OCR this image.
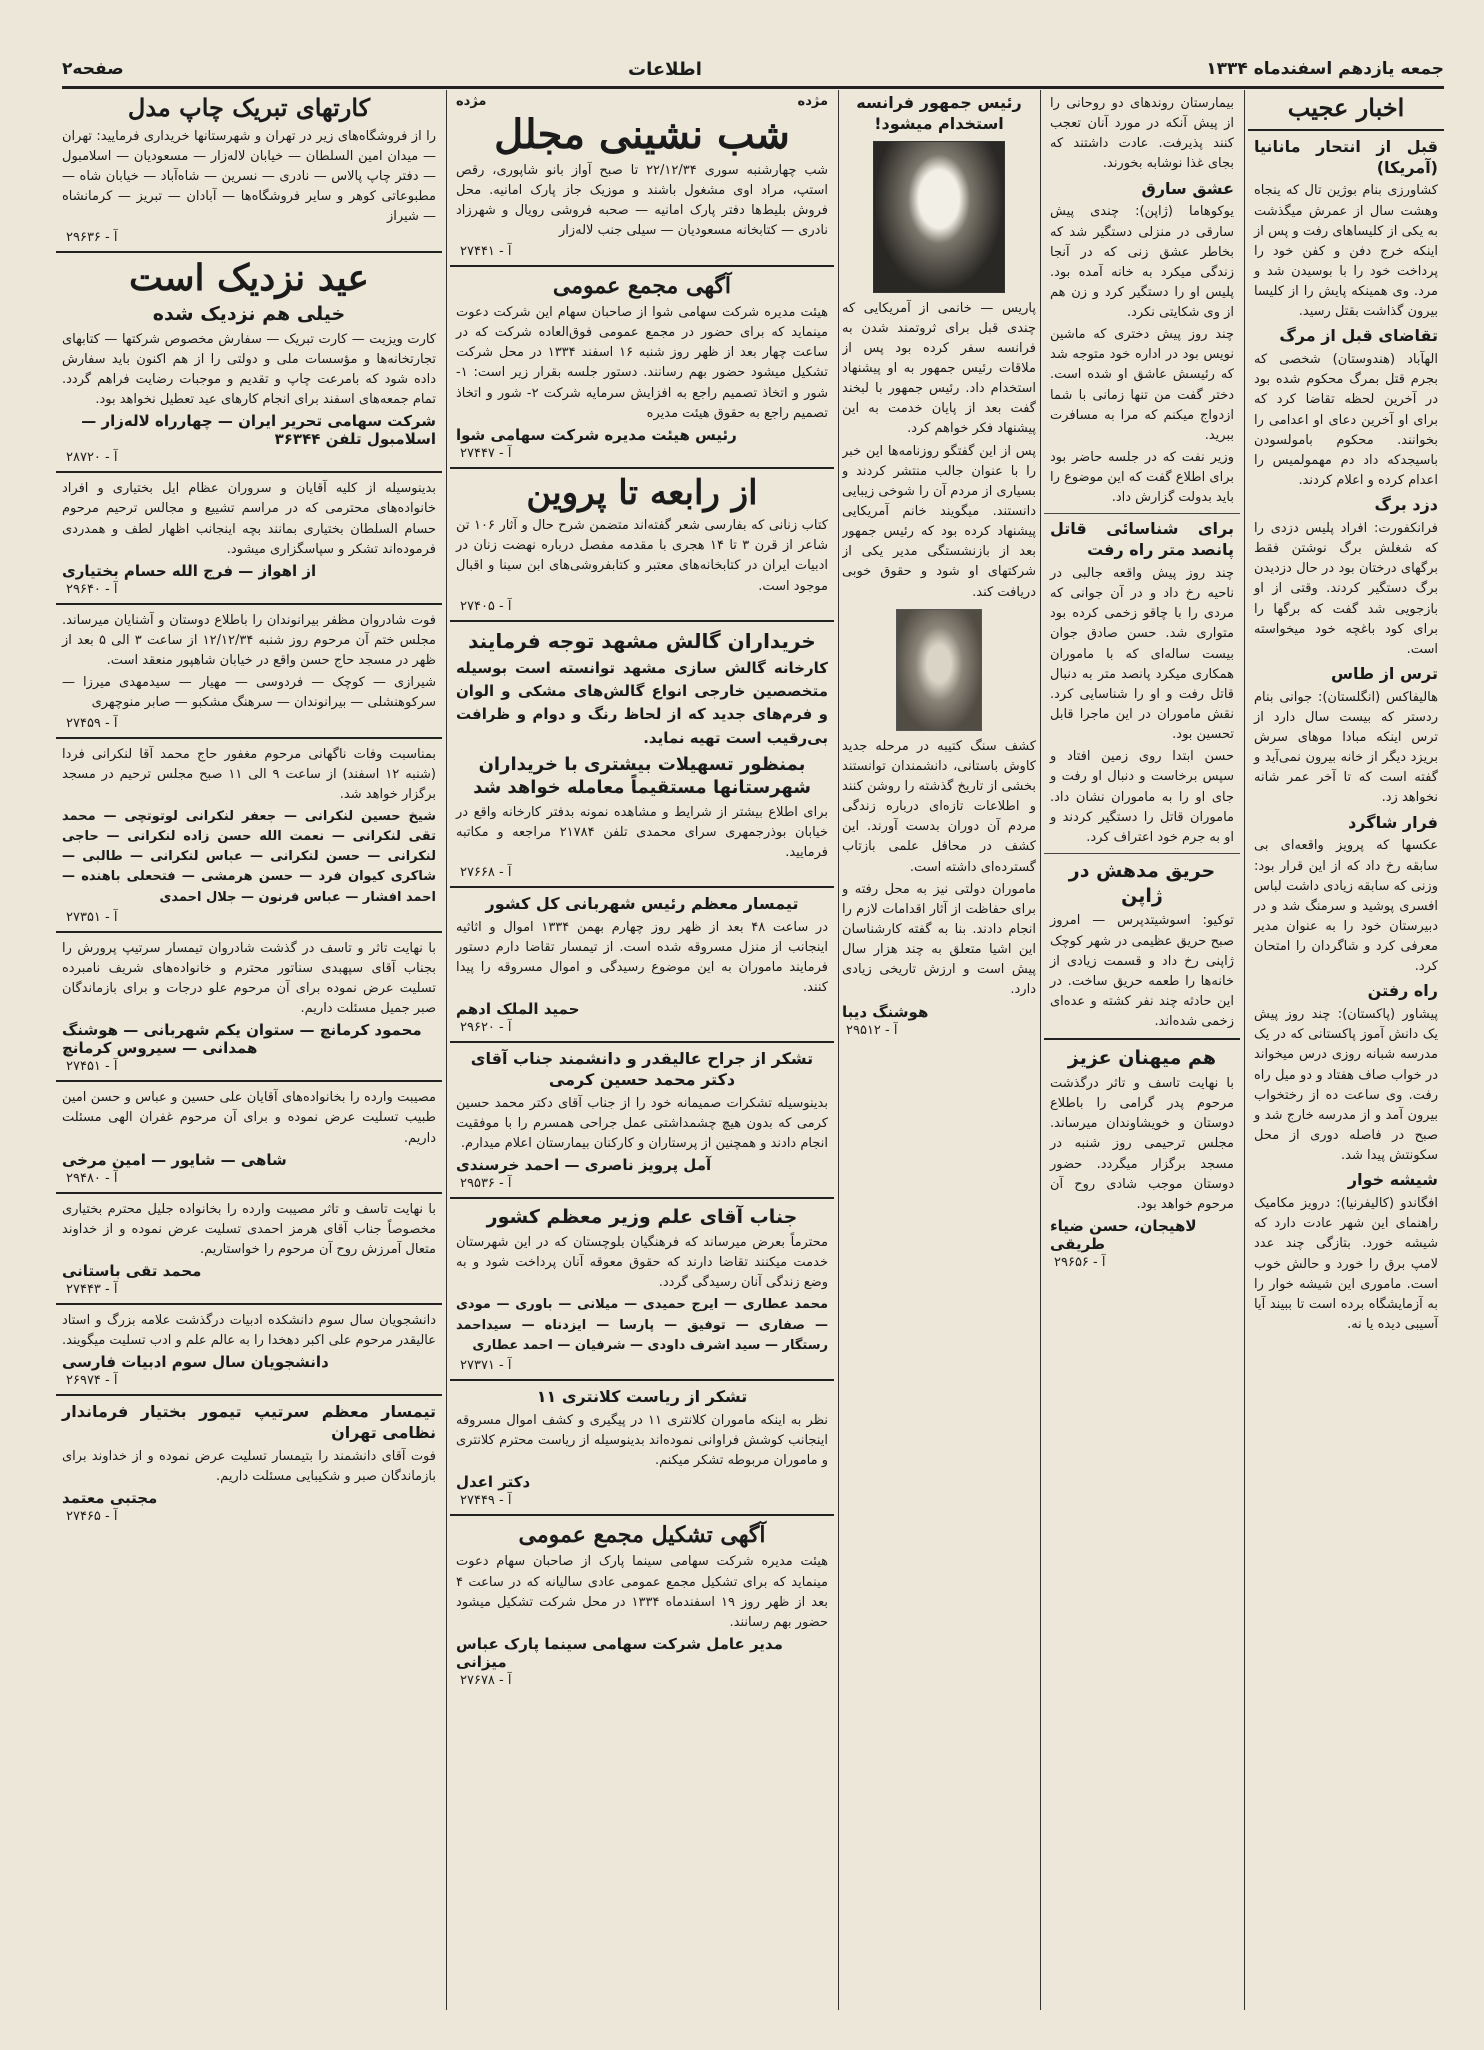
صفحه۲	اطلاعات	جمعه یازدهم اسفندماه ۱۳۳۴
اخبار عجیب
قبل از انتحار مانانیا (آمریکا)
کشاورزی بنام بوژین تال که ینجاه وهشت سال از عمرش میگذشت به یکی از کلیساهای رفت و پس از اینکه خرج دفن و کفن خود را پرداخت خود را با بوسیدن شد و مرد. وی همینکه پایش را از کلیسا بیرون گذاشت بقتل رسید.
تقاضای قبل از مرگ
الهآباد (هندوستان) شخصی که بجرم قتل بمرگ محکوم شده بود در آخرین لحظه تقاضا کرد که برای او آخرین دعای او اعدامی را بخوانند. محکوم بامولسودن باسیجدکه داد دم مهمولمیس را اعدام کرده و اعلام کردند.
دزد برگ
فرانکفورت: افراد پلیس دزدی را که شغلش برگ نوشتن فقط برگهای درختان بود در حال دزدیدن برگ دستگیر کردند. وقتی از او بازجویی شد گفت که برگها را برای کود باغچه خود میخواسته است.
ترس از طاس
هالیفاکس (انگلستان): جوانی بنام ردستر که بیست سال دارد از ترس اینکه مبادا موهای سرش بریزد دیگر از خانه بیرون نمی‌آید و گفته است که تا آخر عمر شانه نخواهد زد.
فرار شاگرد
عکسها که پرویز واقعه‌ای بی سابقه رخ داد که از این قرار بود: وزنی که سابقه زیادی داشت لباس افسری پوشید و سرمنگ شد و در دبیرستان خود را به عنوان مدیر معرفی کرد و شاگردان را امتحان کرد.
راه رفتن
پیشاور (پاکستان): چند روز پیش یک دانش آموز پاکستانی که در یک مدرسه شبانه روزی درس میخواند در خواب صاف هفتاد و دو میل راه رفت. وی ساعت ده از رختخواب بیرون آمد و از مدرسه خارج شد و صبح در فاصله دوری از محل سکونتش پیدا شد.
شیشه خوار
افگاندو (کالیفرنیا): درویز مکامیک راهنمای این شهر عادت دارد که شیشه خورد. بتازگی چند عدد لامپ برق را خورد و حالش خوب است. ماموری این شیشه خوار را به آزمایشگاه برده است تا ببیند آیا آسیبی دیده یا نه.
بیمارستان روندهای دو روحانی را از پیش آنکه در مورد آنان تعجب کنند پذیرفت. عادت داشتند که بجای غذا نوشابه بخورند.
عشق سارق
یوکوهاما (ژاپن): چندی پیش سارقی در منزلی دستگیر شد که بخاطر عشق زنی که در آنجا زندگی میکرد به خانه آمده بود. پلیس او را دستگیر کرد و زن هم از وی شکایتی نکرد.
چند روز پیش دختری که ماشین نویس بود در اداره خود متوجه شد که رئیسش عاشق او شده است. دختر گفت من تنها زمانی با شما ازدواج میکنم که مرا به مسافرت ببرید.
وزیر نفت که در جلسه حاضر بود برای اطلاع گفت که این موضوع را باید بدولت گزارش داد.
برای شناسائی قاتل پانصد متر راه رفت
چند روز پیش واقعه جالبی در ناحیه رخ داد و در آن جوانی که مردی را با چاقو زخمی کرده بود متواری شد. حسن صادق جوان بیست ساله‌ای که با ماموران همکاری میکرد پانصد متر به دنبال قاتل رفت و او را شناسایی کرد. نقش ماموران در این ماجرا قابل تحسین بود.
حسن ابتدا روی زمین افتاد و سپس برخاست و دنبال او رفت و جای او را به ماموران نشان داد. ماموران قاتل را دستگیر کردند و او به جرم خود اعتراف کرد.
حریق مدهش در ژاپن
توکیو: اسوشیتدپرس — امروز صبح حریق عظیمی در شهر کوچک ژاپنی رخ داد و قسمت زیادی از خانه‌ها را طعمه حریق ساخت. در این حادثه چند نفر کشته و عده‌ای زخمی شده‌اند.
هم میهنان عزیز
با نهایت تاسف و تاثر درگذشت مرحوم پدر گرامی را باطلاع دوستان و خویشاوندان میرساند. مجلس ترحیمی روز شنبه در مسجد برگزار میگردد. حضور دوستان موجب شادی روح آن مرحوم خواهد بود.
لاهیجان، حسن ضیاء طریقی
آ - ۲۹۶۵۶
رئیس جمهور فرانسه استخدام میشود!
پاریس — خانمی از آمریکایی که چندی قبل برای ثروتمند شدن به فرانسه سفر کرده بود پس از ملاقات رئیس جمهور به او پیشنهاد استخدام داد. رئیس جمهور با لبخند گفت بعد از پایان خدمت به این پیشنهاد فکر خواهم کرد.
پس از این گفتگو روزنامه‌ها این خبر را با عنوان جالب منتشر کردند و بسیاری از مردم آن را شوخی زیبایی دانستند. میگویند خانم آمریکایی پیشنهاد کرده بود که رئیس جمهور بعد از بازنشستگی مدیر یکی از شرکتهای او شود و حقوق خوبی دریافت کند.
کشف سنگ کتیبه در مرحله جدید کاوش باستانی، دانشمندان توانستند بخشی از تاریخ گذشته را روشن کنند و اطلاعات تازه‌ای درباره زندگی مردم آن دوران بدست آورند. این کشف در محافل علمی بازتاب گسترده‌ای داشته است.
ماموران دولتی نیز به محل رفته و برای حفاظت از آثار اقدامات لازم را انجام دادند. بنا به گفته کارشناسان این اشیا متعلق به چند هزار سال پیش است و ارزش تاریخی زیادی دارد.
هوشنگ دیبا
آ - ۲۹۵۱۲
مژده
مژده
شب نشینی مجلل
شب چهارشنبه سوری ۲۲/۱۲/۳۴ تا صبح آواز بانو شاپوری، رقص استپ، مراد اوی مشغول باشند و موزیک جاز پارک امانیه. محل فروش بلیط‌ها دفتر پارک امانیه — صحبه فروشی رویال و شهرزاد نادری — کتابخانه مسعودیان — سیلی جنب لاله‌زار
آ - ۲۷۴۴۱
آگهی مجمع عمومی
هیئت مدیره شرکت سهامی شوا از صاحبان سهام این شرکت دعوت مینماید که برای حضور در مجمع عمومی فوق‌العاده شرکت که در ساعت چهار بعد از ظهر روز شنبه ۱۶ اسفند ۱۳۳۴ در محل شرکت تشکیل میشود حضور بهم رسانند. دستور جلسه بقرار زیر است: ۱- شور و اتخاذ تصمیم راجع به افزایش سرمایه شرکت ۲- شور و اتخاذ تصمیم راجع به حقوق هیئت مدیره
رئیس هیئت مدیره شرکت سهامی شوا
آ - ۲۷۴۴۷
از رابعه تا پروین
کتاب زنانی که بفارسی شعر گفته‌اند متضمن شرح حال و آثار ۱۰۶ تن شاعر از قرن ۳ تا ۱۴ هجری با مقدمه مفصل درباره نهضت زنان در ادبیات ایران در کتابخانه‌های معتبر و کتابفروشی‌های ابن سینا و اقبال موجود است.
آ - ۲۷۴۰۵
خریداران گالش مشهد توجه فرمایند
کارخانه گالش سازی مشهد توانسته است بوسیله متخصصین خارجی انواع گالش‌های مشکی و الوان و فرم‌های جدید که از لحاظ رنگ و دوام و ظرافت بی‌رقیب است تهیه نماید.
بمنظور تسهیلات بیشتری با خریداران شهرستانها مستقیماً معامله خواهد شد
برای اطلاع بیشتر از شرایط و مشاهده نمونه بدفتر کارخانه واقع در خیابان بوذرجمهری سرای محمدی تلفن ۲۱۷۸۴ مراجعه و مکاتبه فرمایید.
آ - ۲۷۶۶۸
تیمسار معظم رئیس شهربانی کل کشور
در ساعت ۴۸ بعد از ظهر روز چهارم بهمن ۱۳۳۴ اموال و اثاثیه اینجانب از منزل مسروقه شده است. از تیمسار تقاضا دارم دستور فرمایند ماموران به این موضوع رسیدگی و اموال مسروقه را پیدا کنند.
حمید الملک ادهم
آ - ۲۹۶۲۰
تشکر از جراح عالیقدر و دانشمند جناب آقای دکتر محمد حسین کرمی
بدینوسیله تشکرات صمیمانه خود را از جناب آقای دکتر محمد حسین کرمی که بدون هیچ چشمداشتی عمل جراحی همسرم را با موفقیت انجام دادند و همچنین از پرستاران و کارکنان بیمارستان اعلام میدارم.
آمل پرویز ناصری — احمد خرسندی
آ - ۲۹۵۳۶
جناب آقای علم وزیر معظم کشور
محترماً بعرض میرساند که فرهنگیان بلوچستان که در این شهرستان خدمت میکنند تقاضا دارند که حقوق معوقه آنان پرداخت شود و به وضع زندگی آنان رسیدگی گردد.
محمد عطاری — ایرج حمیدی — میلانی — باوری — مودی — صفاری — توفیق — پارسا — ایزدناه — سیداحمد رستگار — سید اشرف داودی — شرفیان — احمد عطاری
آ - ۲۷۳۷۱
تشکر از ریاست کلانتری ۱۱
نظر به اینکه ماموران کلانتری ۱۱ در پیگیری و کشف اموال مسروقه اینجانب کوشش فراوانی نموده‌اند بدینوسیله از ریاست محترم کلانتری و ماموران مربوطه تشکر میکنم.
دکتر اعدل
آ - ۲۷۴۴۹
آگهی تشکیل مجمع عمومی
هیئت مدیره شرکت سهامی سینما پارک از صاحبان سهام دعوت مینماید که برای تشکیل مجمع عمومی عادی سالیانه که در ساعت ۴ بعد از ظهر روز ۱۹ اسفندماه ۱۳۳۴ در محل شرکت تشکیل میشود حضور بهم رسانند.
مدیر عامل شرکت سهامی سینما پارک عباس میزانی
آ - ۲۷۶۷۸
کارتهای تبریک چاپ مدل
را از فروشگاه‌های زیر در تهران و شهرستانها خریداری فرمایید: تهران — میدان امین السلطان — خیابان لاله‌زار — مسعودیان — اسلامبول — دفتر چاپ پالاس — نادری — نسرین — شاه‌آباد — خیابان شاه — مطبوعاتی کوهر و سایر فروشگاه‌ها — آبادان — تبریز — کرمانشاه — شیراز
آ - ۲۹۶۳۶
عید نزدیک است
خیلی هم نزدیک شده
کارت ویزیت — کارت تبریک — سفارش مخصوص شرکتها — کتابهای تجارتخانه‌ها و مؤسسات ملی و دولتی را از هم اکنون باید سفارش داده شود که بامرعت چاپ و تقدیم و موجبات رضایت فراهم گردد. تمام جمعه‌های اسفند برای انجام کارهای عید تعطیل نخواهد بود.
شرکت سهامی تحریر ایران — چهارراه لاله‌زار — اسلامبول تلفن ۳۶۳۴۴
آ - ۲۸۷۲۰
بدینوسیله از کلیه آقایان و سروران عظام ایل بختیاری و افراد خانواده‌های محترمی که در مراسم تشییع و مجالس ترحیم مرحوم حسام السلطان بختیاری بمانند بچه اینجانب اظهار لطف و همدردی فرموده‌اند تشکر و سپاسگزاری میشود.
از اهواز — فرج الله حسام بختیاری
آ - ۲۹۶۴۰
فوت شادروان مظفر بیرانوندان را باطلاع دوستان و آشنایان میرساند. مجلس ختم آن مرحوم روز شنبه ۱۲/۱۲/۳۴ از ساعت ۳ الی ۵ بعد از ظهر در مسجد حاج حسن واقع در خیابان شاهپور منعقد است.
شیرازی — کوچک — فردوسی — مهیار — سیدمهدی میرزا — سرکوهنشلی — بیرانوندان — سرهنگ مشکبو — صابر منوچهری
آ - ۲۷۴۵۹
بمناسبت وفات ناگهانی مرحوم مغفور حاج محمد آقا لنکرانی فردا (شنبه ۱۲ اسفند) از ساعت ۹ الی ۱۱ صبح مجلس ترحیم در مسجد برگزار خواهد شد.
شیخ حسین لنکرانی — جعفر لنکرانی لوتوتچی — محمد تقی لنکرانی — نعمت الله حسن زاده لنکرانی — حاجی لنکرانی — حسن لنکرانی — عباس لنکرانی — طالبی — شاکری کیوان فرد — حسن هرمشی — فتحعلی باهنده — احمد افشار — عباس فرنون — جلال احمدی
آ - ۲۷۳۵۱
با نهایت تاثر و تاسف در گذشت شادروان تیمسار سرتیپ پرورش را بجناب آقای سپهبدی سناتور محترم و خانواده‌های شریف نامبرده تسلیت عرض نموده برای آن مرحوم علو درجات و برای بازماندگان صبر جمیل مسئلت داریم.
محمود کرمانچ — ستوان یکم شهربانی — هوشنگ همدانی — سیروس کرمانچ
آ - ۲۷۴۵۱
مصیبت وارده را بخانواده‌های آقایان علی حسین و عباس و حسن امین طبیب تسلیت عرض نموده و برای آن مرحوم غفران الهی مسئلت داریم.
شاهی — شایور — امین مرخی
آ - ۲۹۴۸۰
با نهایت تاسف و تاثر مصیبت وارده را بخانواده جلیل محترم بختیاری مخصوصاً جناب آقای هرمز احمدی تسلیت عرض نموده و از خداوند متعال آمرزش روح آن مرحوم را خواستاریم.
محمد تقی باستانی
آ - ۲۷۴۴۳
دانشجویان سال سوم دانشکده ادبیات درگذشت علامه بزرگ و استاد عالیقدر مرحوم علی اکبر دهخدا را به عالم علم و ادب تسلیت میگویند.
دانشجویان سال سوم ادبیات فارسی
آ - ۲۶۹۷۴
تیمسار معظم سرتیپ تیمور بختیار فرماندار نظامی تهران
فوت آقای دانشمند را بتیمسار تسلیت عرض نموده و از خداوند برای بازماندگان صبر و شکیبایی مسئلت داریم.
مجتبی معتمد
آ - ۲۷۴۶۵
